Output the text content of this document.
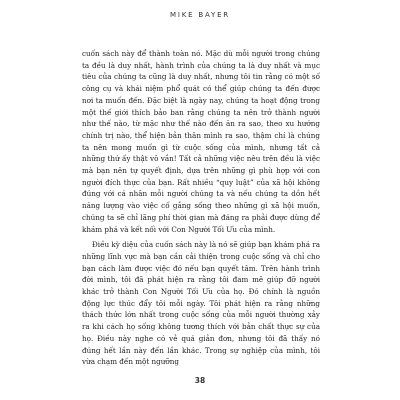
MIKE BAYER

cuốn sách này để thành toàn nó. Mặc dù mỗi người trong chúng ta đều là duy nhất, hành trình của chúng ta là duy nhất và mục tiêu của chúng ta cũng là duy nhất, nhưng tôi tin rằng có một số công cụ và khái niệm phổ quát có thể giúp chúng ta đến được nơi ta muốn đến. Đặc biệt là ngày nay, chúng ta hoạt động trong một thế giới thích bảo ban rằng chúng ta nên trở thành người như thế nào, từ mặc như thế nào đến ăn ra sao, theo xu hướng chính trị nào, thể hiện bản thân mình ra sao, thậm chí là chúng ta nên mong muốn gì từ cuộc sống của mình, nhưng tất cả những thứ ấy thật vô vắn! Tất cả những việc nêu trên đều là việc mà bạn nên tự quyết định, dựa trên những gì phù hợp với con người đích thực của bạn. Rất nhiều “quy luật” của xã hội không đúng với cá nhân mỗi người chúng ta và nếu chúng ta dồn hết năng lượng vào việc cố gắng sống theo những gì xã hội muốn, chúng ta sẽ chỉ lãng phí thời gian mà đáng ra phải được dùng để khám phá và kết nối với Con Người Tối Ưu của mình.

Điều kỳ diệu của cuốn sách này là nó sẽ giúp bạn khám phá ra những lĩnh vực mà bạn cần cải thiện trong cuộc sống và chỉ cho bạn cách làm được việc đó nếu bạn quyết tâm. Trên hành trình đời mình, tôi đã phát hiện ra rằng tôi đam mê giúp đỡ người khác trở thành Con Người Tối Ưu của họ. Đó chính là nguồn động lực thúc đẩy tôi mỗi ngày. Tôi phát hiện ra rằng những thách thức lớn nhất trong cuộc sống của mỗi người thường xảy ra khi cách họ sống không tương thích với bản chất thực sự của họ. Điều này nghe có vẻ quá giản đơn, nhưng tôi đã thấy nó đúng hết lần này đến lần khác. Trong sự nghiệp của mình, tôi vừa chạm đến một ngưỡng

38
